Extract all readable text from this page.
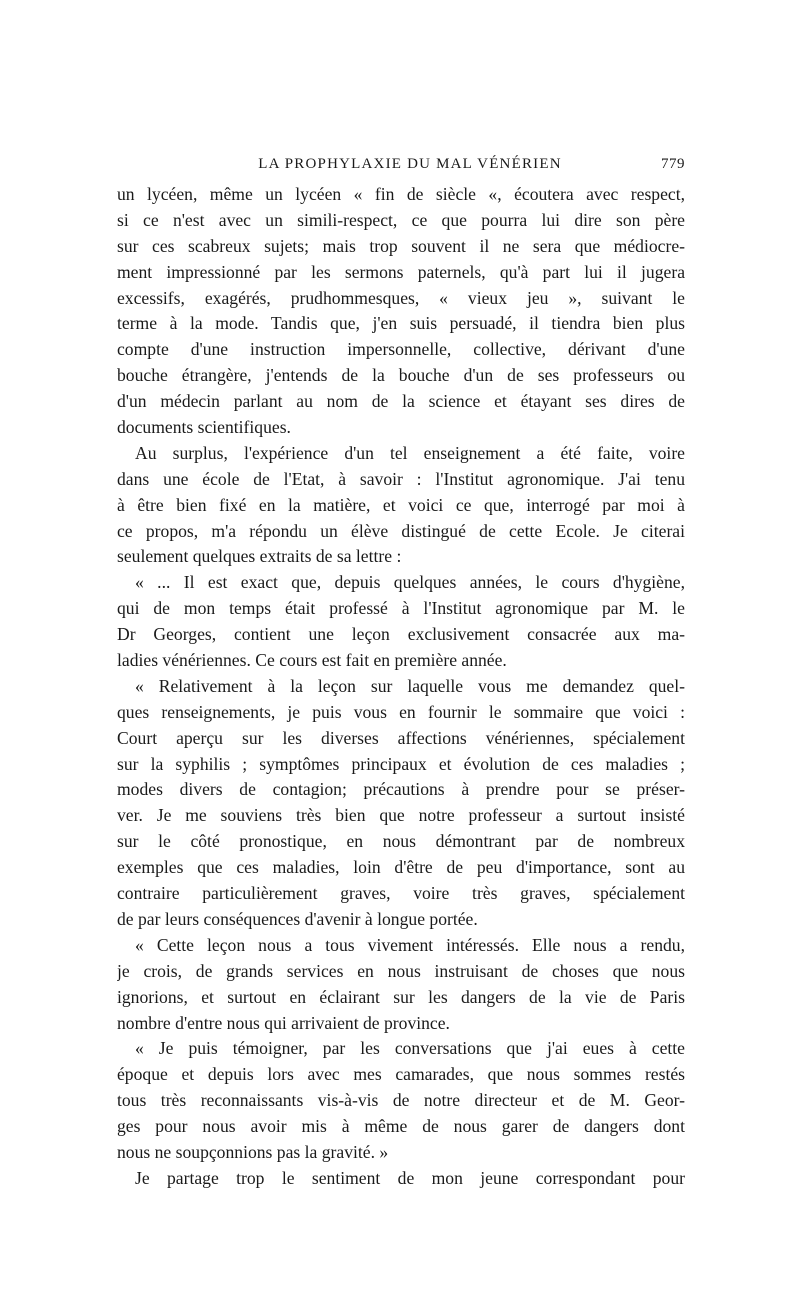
LA PROPHYLAXIE DU MAL VÉNÉRIEN	779
un lycéen, même un lycéen « fin de siècle «, écoutera avec respect,
si ce n'est avec un simili-respect, ce que pourra lui dire son père
sur ces scabreux sujets; mais trop souvent il ne sera que médiocre-
ment impressionné par les sermons paternels, qu'à part lui il jugera
excessifs, exagérés, prudhommesques, « vieux jeu », suivant le
terme à la mode. Tandis que, j'en suis persuadé, il tiendra bien plus
compte d'une instruction impersonnelle, collective, dérivant d'une
bouche étrangère, j'entends de la bouche d'un de ses professeurs ou
d'un médecin parlant au nom de la science et étayant ses dires de
documents scientifiques.
Au surplus, l'expérience d'un tel enseignement a été faite, voire
dans une école de l'Etat, à savoir : l'Institut agronomique. J'ai tenu
à être bien fixé en la matière, et voici ce que, interrogé par moi à
ce propos, m'a répondu un élève distingué de cette Ecole. Je citerai
seulement quelques extraits de sa lettre :
« ... Il est exact que, depuis quelques années, le cours d'hygiène,
qui de mon temps était professé à l'Institut agronomique par M. le
Dr Georges, contient une leçon exclusivement consacrée aux ma-
ladies vénériennes. Ce cours est fait en première année.
« Relativement à la leçon sur laquelle vous me demandez quel-
ques renseignements, je puis vous en fournir le sommaire que voici :
Court aperçu sur les diverses affections vénériennes, spécialement
sur la syphilis ; symptômes principaux et évolution de ces maladies ;
modes divers de contagion; précautions à prendre pour se préser-
ver. Je me souviens très bien que notre professeur a surtout insisté
sur le côté pronostique, en nous démontrant par de nombreux
exemples que ces maladies, loin d'être de peu d'importance, sont au
contraire particulièrement graves, voire très graves, spécialement
de par leurs conséquences d'avenir à longue portée.
« Cette leçon nous a tous vivement intéressés. Elle nous a rendu,
je crois, de grands services en nous instruisant de choses que nous
ignorions, et surtout en éclairant sur les dangers de la vie de Paris
nombre d'entre nous qui arrivaient de province.
« Je puis témoigner, par les conversations que j'ai eues à cette
époque et depuis lors avec mes camarades, que nous sommes restés
tous très reconnaissants vis-à-vis de notre directeur et de M. Geor-
ges pour nous avoir mis à même de nous garer de dangers dont
nous ne soupçonnions pas la gravité. »
Je partage trop le sentiment de mon jeune correspondant pour
